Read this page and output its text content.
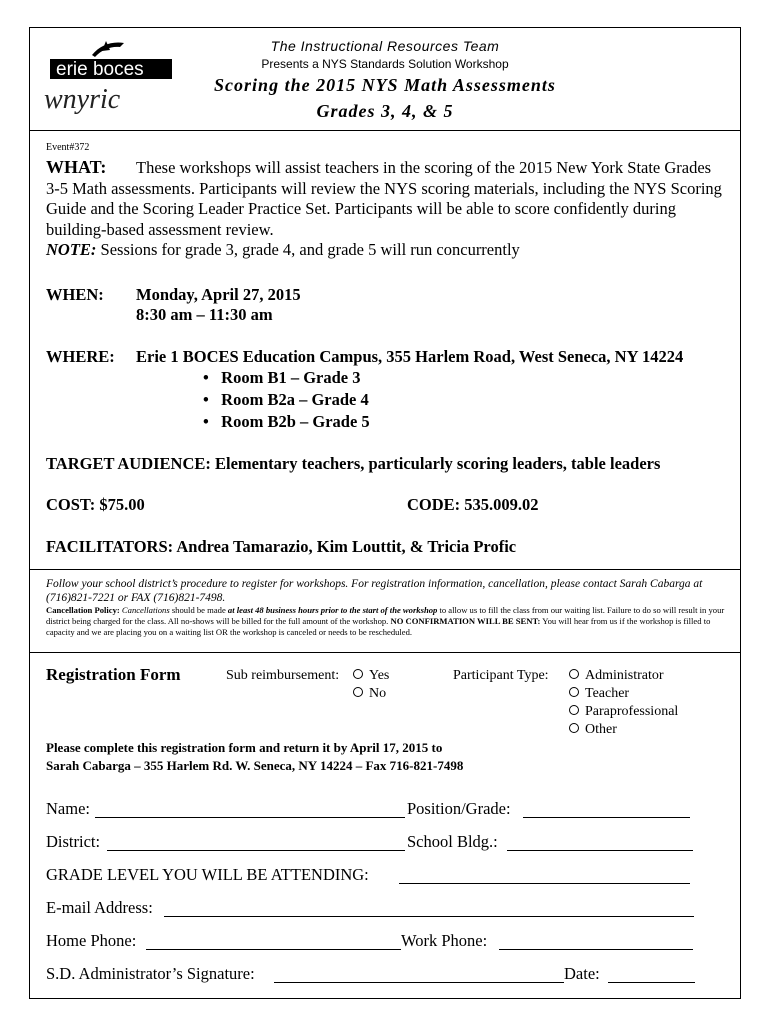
erie boces
wnyric
The Instructional Resources Team
Presents a NYS Standards Solution Workshop
Scoring the 2015 NYS Math Assessments
Grades 3, 4, & 5
Event#372
WHAT: These workshops will assist teachers in the scoring of the 2015 New York State Grades 3-5 Math assessments. Participants will review the NYS scoring materials, including the NYS Scoring Guide and the Scoring Leader Practice Set. Participants will be able to score confidently during building-based assessment review.
NOTE: Sessions for grade 3, grade 4, and grade 5 will run concurrently
WHEN: Monday, April 27, 2015
8:30 am – 11:30 am
WHERE: Erie 1 BOCES Education Campus, 355 Harlem Road, West Seneca, NY 14224
•   Room B1 – Grade 3
•   Room B2a – Grade 4
•   Room B2b – Grade 5
TARGET AUDIENCE: Elementary teachers, particularly scoring leaders, table leaders
COST: $75.00	CODE: 535.009.02
FACILITATORS: Andrea Tamarazio, Kim Louttit, & Tricia Profic
Follow your school district’s procedure to register for workshops. For registration information, cancellation, please contact Sarah Cabarga at (716)821-7221 or FAX (716)821-7498.
Cancellation Policy: Cancellations should be made at least 48 business hours prior to the start of the workshop to allow us to fill the class from our waiting list. Failure to do so will result in your district being charged for the class. All no-shows will be billed for the full amount of the workshop. NO CONFIRMATION WILL BE SENT: You will hear from us if the workshop is filled to capacity and we are placing you on a waiting list OR the workshop is canceled or needs to be rescheduled.
Registration Form	Sub reimbursement:	Yes
No
Participant Type:	Administrator
Teacher
Paraprofessional
Other
Please complete this registration form and return it by April 17, 2015 to
Sarah Cabarga – 355 Harlem Rd. W. Seneca, NY 14224 – Fax 716-821-7498
Name:	Position/Grade:
District:	School Bldg.:
GRADE LEVEL YOU WILL BE ATTENDING:
E-mail Address:
Home Phone:	Work Phone:
S.D. Administrator’s Signature:	Date:
